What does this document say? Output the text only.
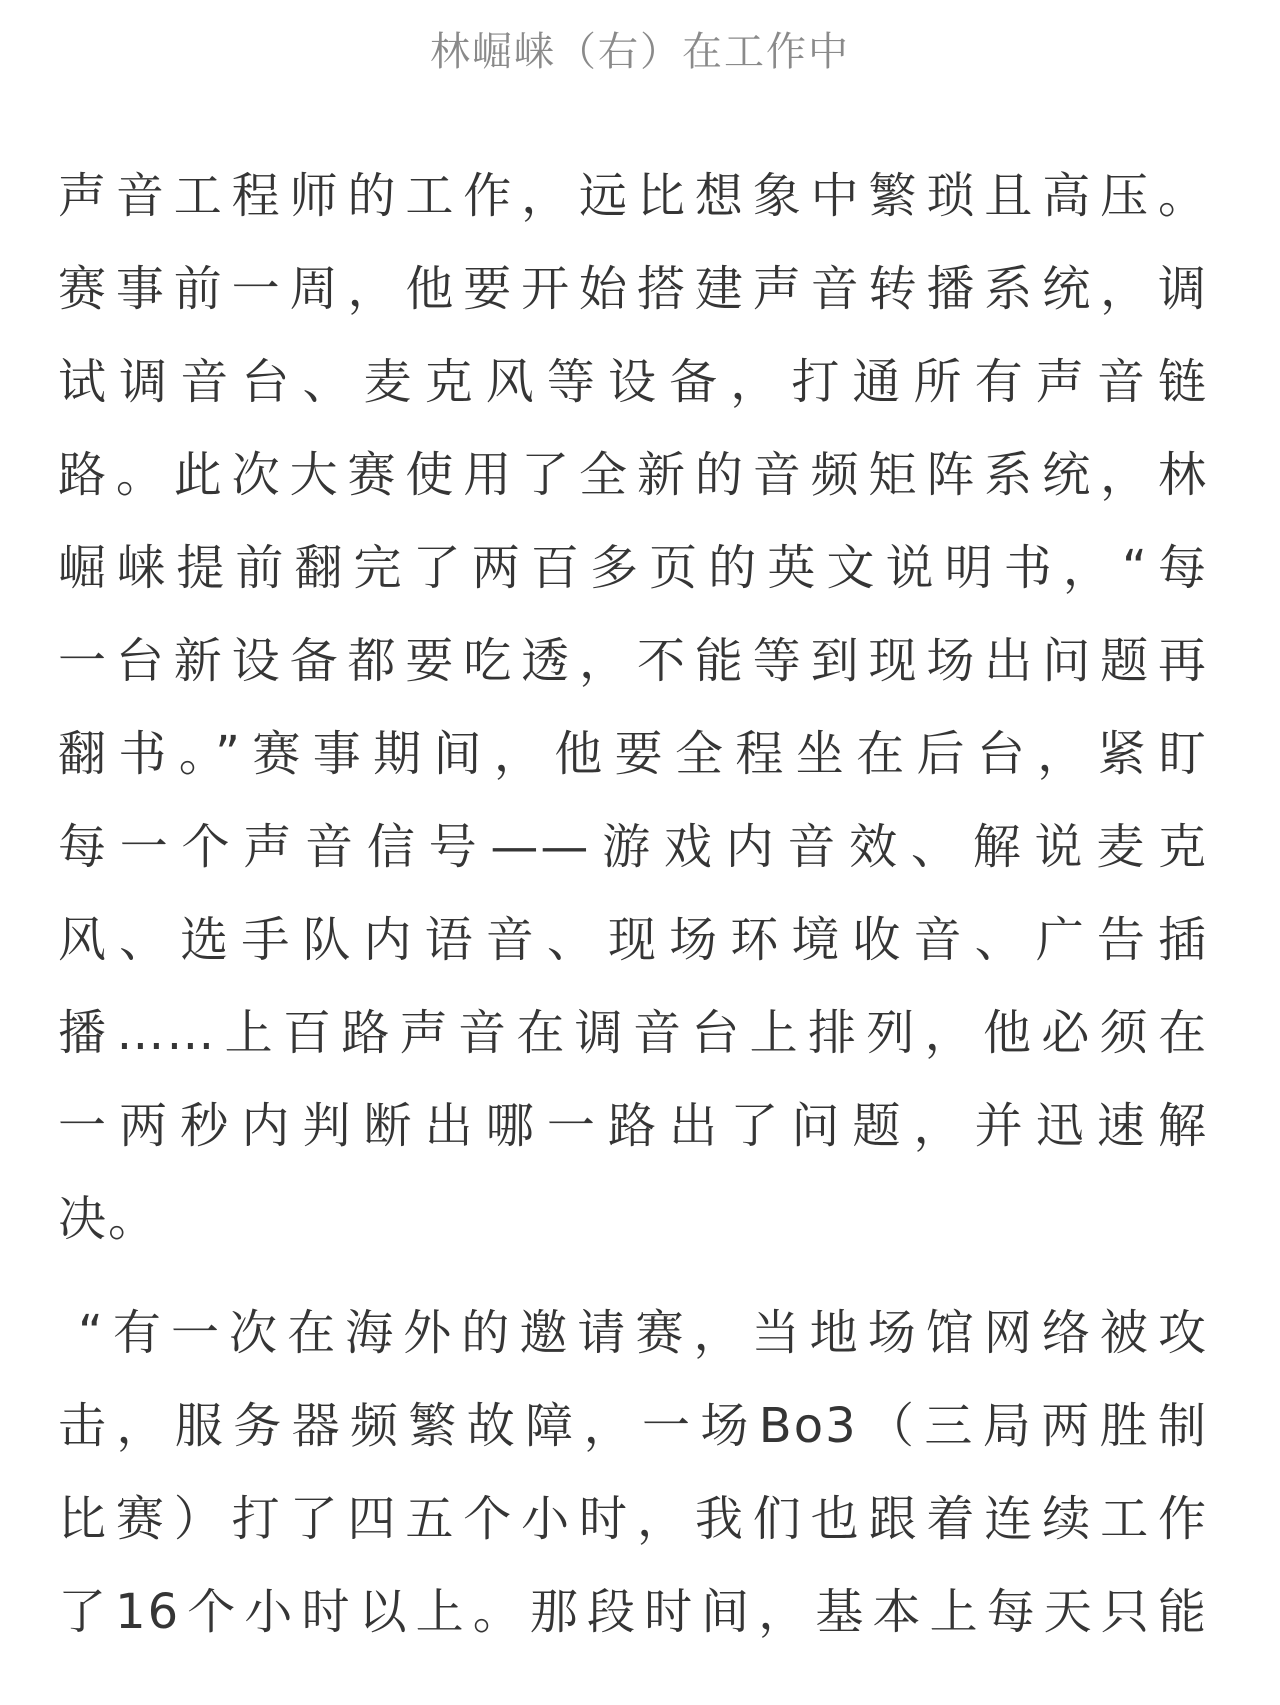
林崛崃（右）在工作中

声音工程师的工作，远比想象中繁琐且高压。
赛事前一周，他要开始搭建声音转播系统，调
试调音台、麦克风等设备，打通所有声音链
路。此次大赛使用了全新的音频矩阵系统，林
崛崃提前翻完了两百多页的英文说明书，“每
一台新设备都要吃透，不能等到现场出问题再
翻书。”赛事期间，他要全程坐在后台，紧盯
每一个声音信号——游戏内音效、解说麦克
风、选手队内语音、现场环境收音、广告插
播……上百路声音在调音台上排列，他必须在
一两秒内判断出哪一路出了问题，并迅速解
决。

“有一次在海外的邀请赛，当地场馆网络被攻
击，服务器频繁故障，一场Bo3（三局两胜制
比赛）打了四五个小时，我们也跟着连续工作
了16个小时以上。那段时间，基本上每天只能
